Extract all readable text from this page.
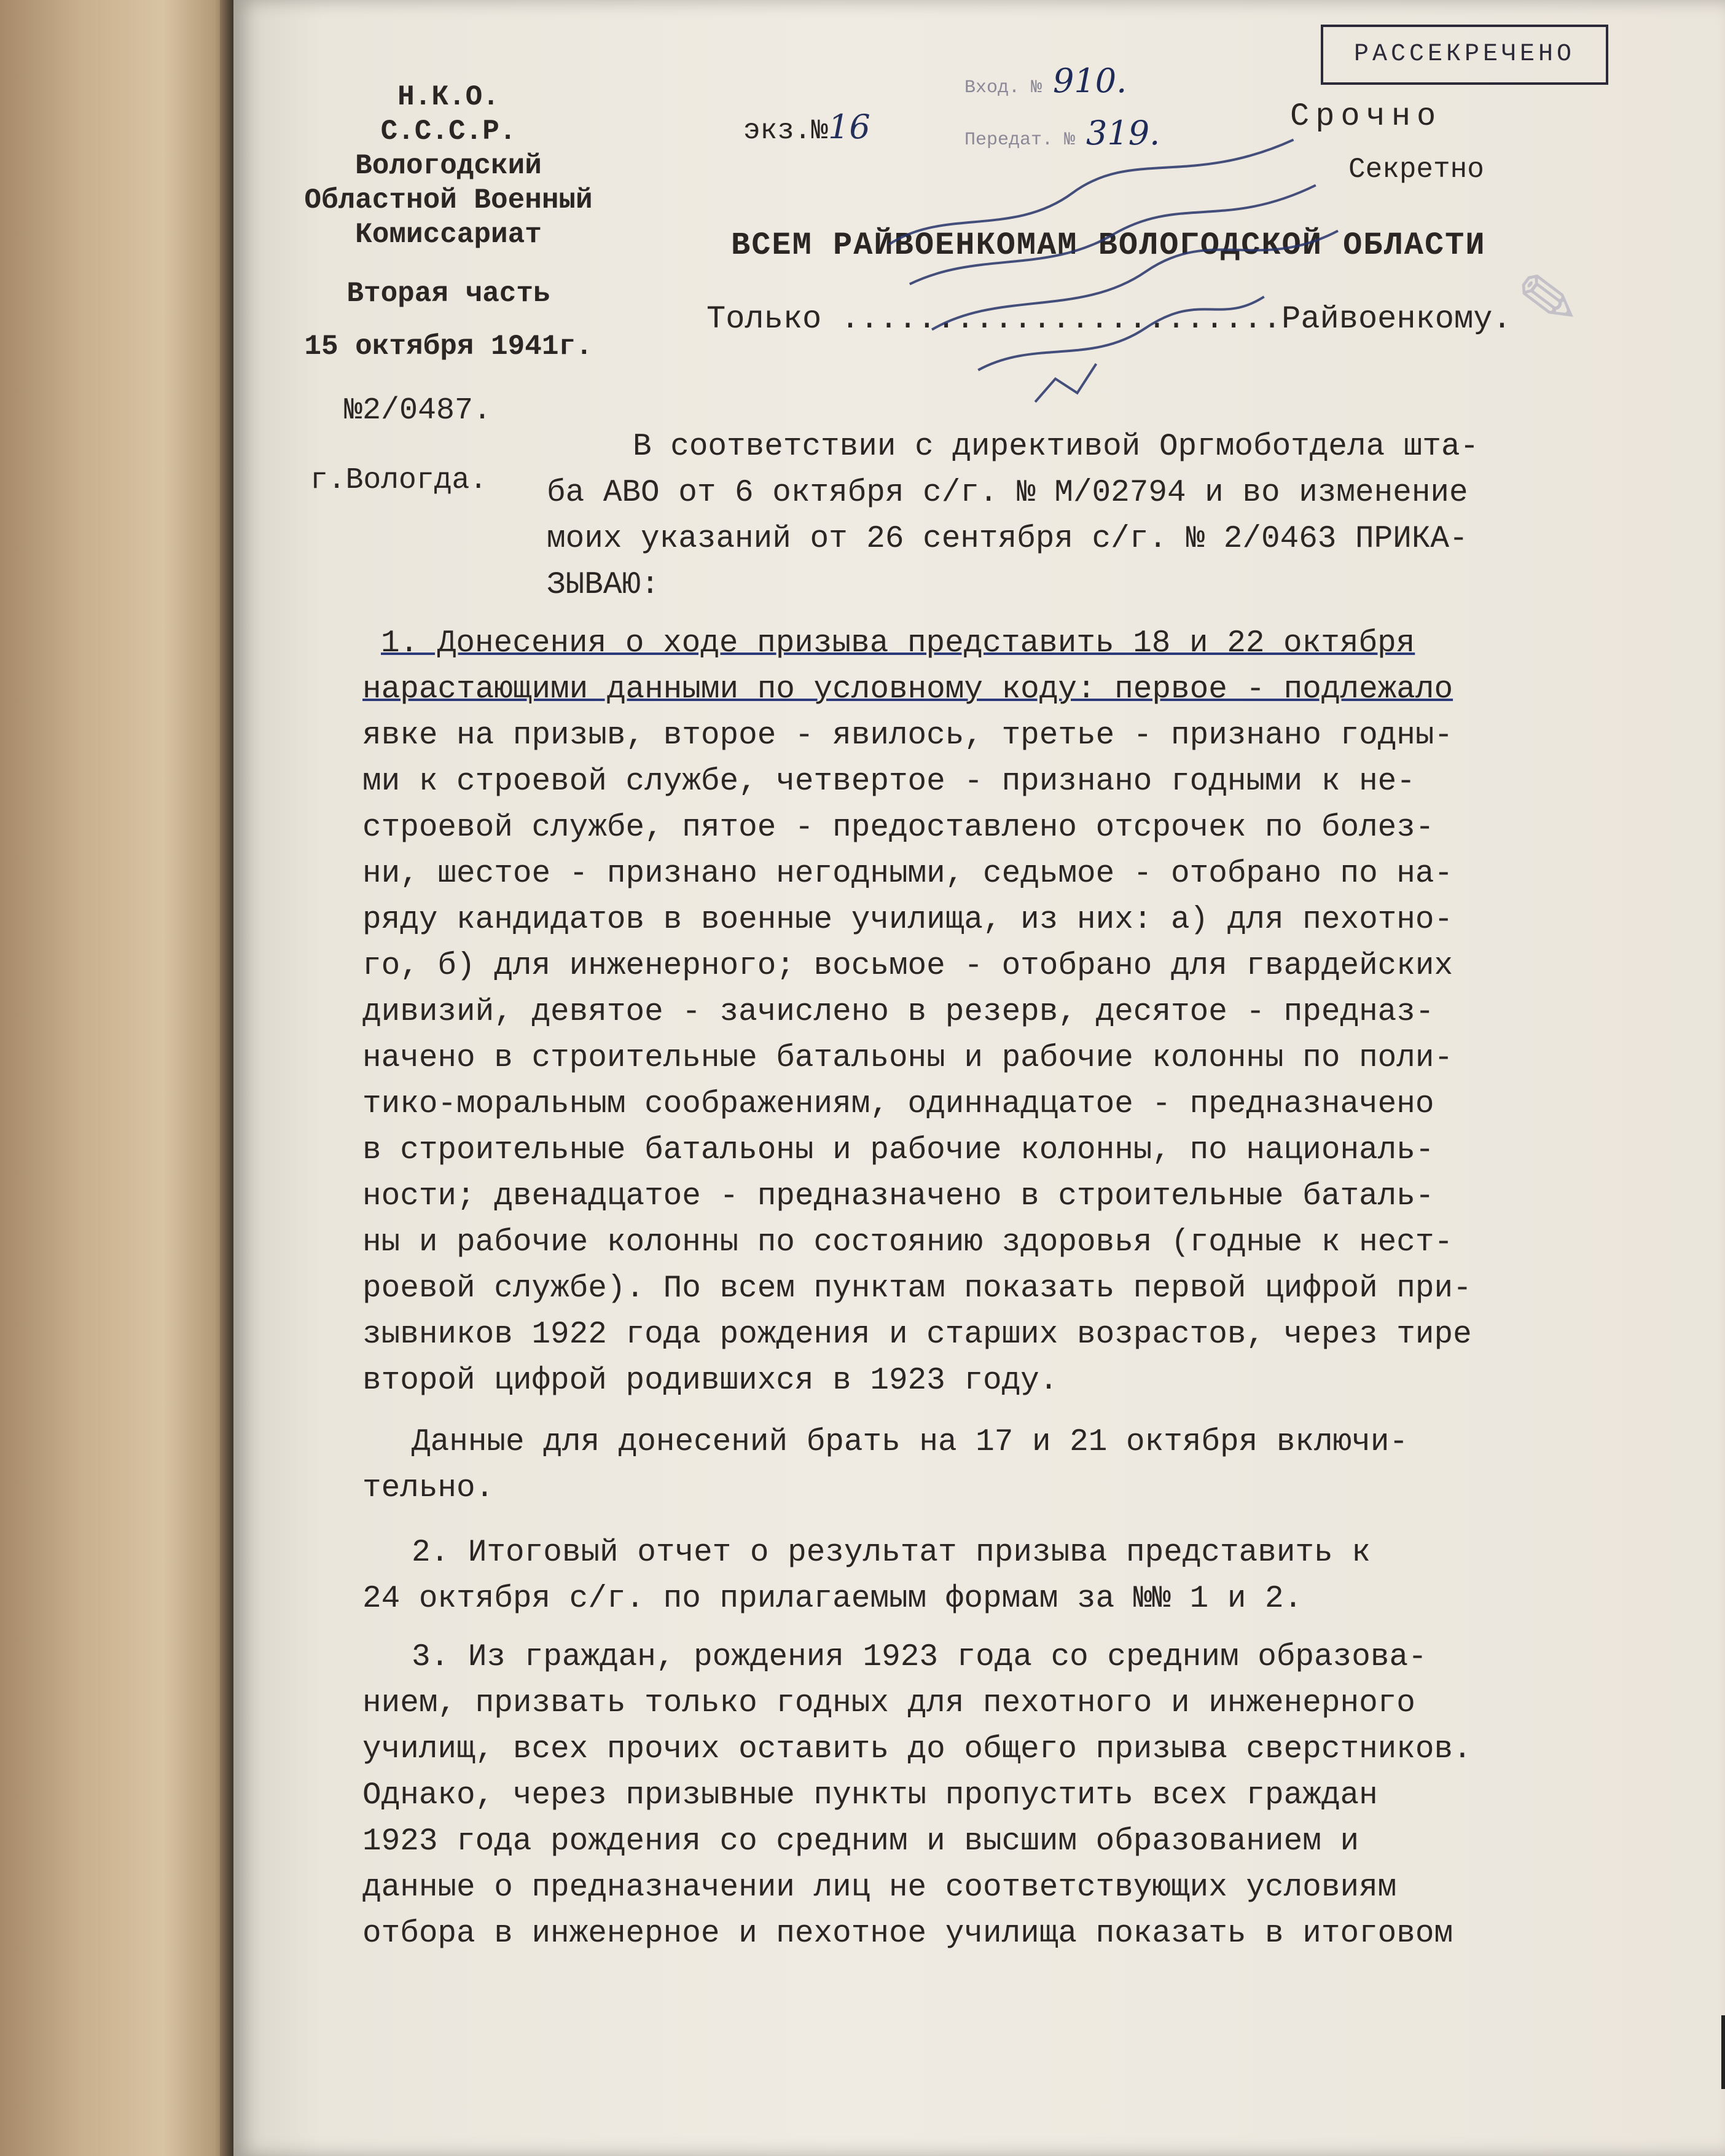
Н.К.О.
С.С.С.Р.
Вологодский
Областной Военный
Комиссариат
Вторая часть
15 октября 1941г.
№2/0487.
г.Вологда.
экз.№16
Вход. № 910.
Передат. № 319.
РАССЕКРЕЧЕНО
Срочно
Секретно
ВСЕМ РАЙВОЕНКОМАМ ВОЛОГОДСКОЙ ОБЛАСТИ
Только .......................Райвоенкому. ✎
В соответствии с директивой Оргмоботдела шта-
ба АВО от 6 октября с/г. № М/02794 и во изменение
моих указаний от 26 сентября с/г. № 2/0463 ПРИКА-
ЗЫВАЮ:
1. Донесения о ходе призыва представить 18 и 22 октября
нарастающими данными по условному коду: первое - подлежало
явке на призыв, второе - явилось, третье - признано годны-
ми к строевой службе, четвертое - признано годными к не-
строевой службе, пятое - предоставлено отсрочек по болез-
ни, шестое - признано негодными, седьмое - отобрано по на-
ряду кандидатов в военные училища, из них: а) для пехотно-
го, б) для инженерного; восьмое - отобрано для гвардейских
дивизий, девятое - зачислено в резерв, десятое - предназ-
начено в строительные батальоны и рабочие колонны по поли-
тико-моральным соображениям, одиннадцатое - предназначено
в строительные батальоны и рабочие колонны, по националь-
ности; двенадцатое - предназначено в строительные баталь-
ны и рабочие колонны по состоянию здоровья (годные к нест-
роевой службе). По всем пунктам показать первой цифрой при-
зывников 1922 года рождения и старших возрастов, через тире
второй цифрой родившихся в 1923 году.
Данные для донесений брать на 17 и 21 октября включи-
тельно.
2. Итоговый отчет о результат призыва представить к
24 октября с/г. по прилагаемым формам за №№ 1 и 2.
3. Из граждан, рождения 1923 года со средним образова-
нием, призвать только годных для пехотного и инженерного
училищ, всех прочих оставить до общего призыва сверстников.
Однако, через призывные пункты пропустить всех граждан
1923 года рождения со средним и высшим образованием и
данные о предназначении лиц не соответствующих условиям
отбора в инженерное и пехотное училища показать в итоговом
